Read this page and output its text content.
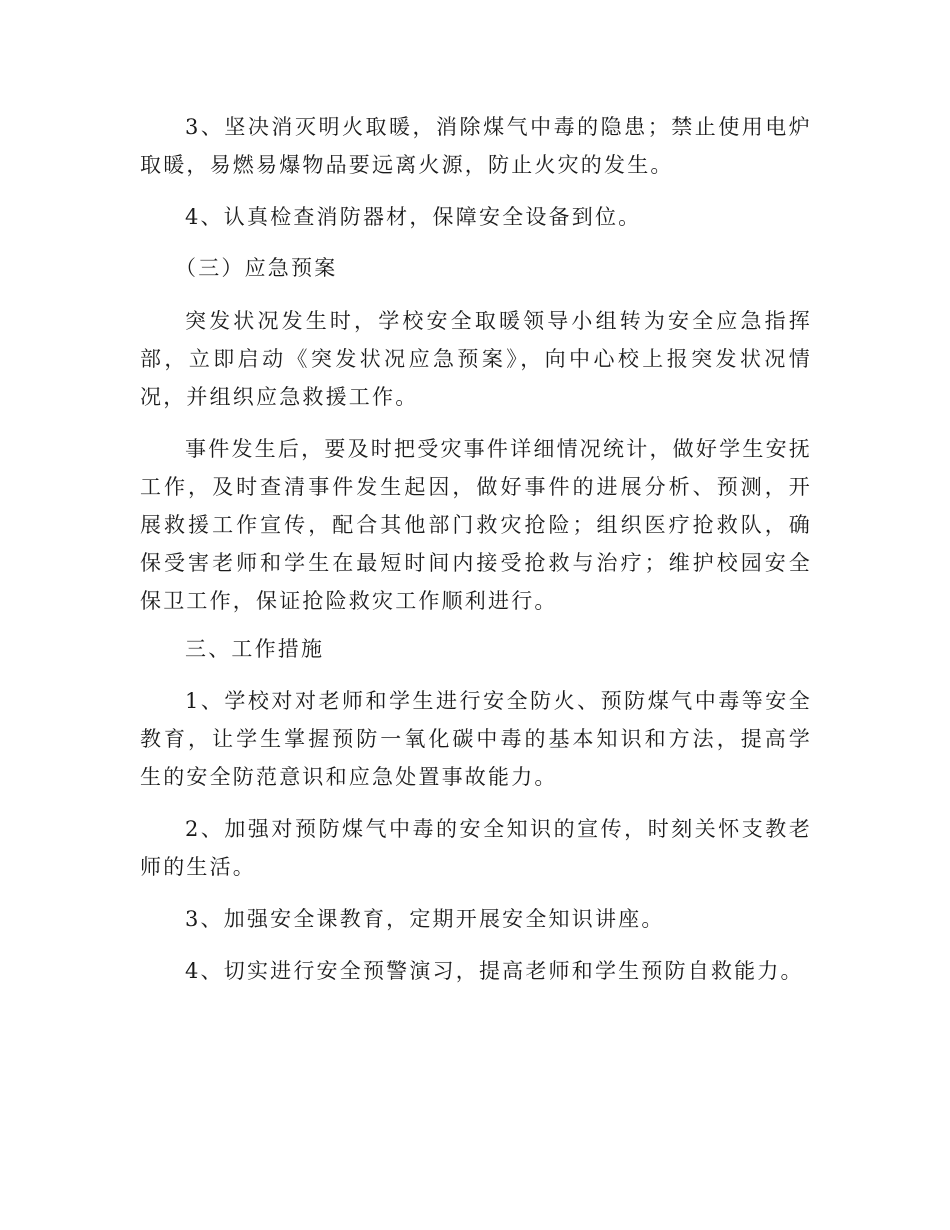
3、坚决消灭明火取暖，消除煤气中毒的隐患；禁止使用电炉取暖，易燃易爆物品要远离火源，防止火灾的发生。

4、认真检查消防器材，保障安全设备到位。

（三）应急预案

突发状况发生时，学校安全取暖领导小组转为安全应急指挥部，立即启动《突发状况应急预案》，向中心校上报突发状况情况，并组织应急救援工作。

事件发生后，要及时把受灾事件详细情况统计，做好学生安抚工作，及时查清事件发生起因，做好事件的进展分析、预测，开展救援工作宣传，配合其他部门救灾抢险；组织医疗抢救队，确保受害老师和学生在最短时间内接受抢救与治疗；维护校园安全保卫工作，保证抢险救灾工作顺利进行。

三、工作措施

1、学校对对老师和学生进行安全防火、预防煤气中毒等安全教育，让学生掌握预防一氧化碳中毒的基本知识和方法，提高学生的安全防范意识和应急处置事故能力。

2、加强对预防煤气中毒的安全知识的宣传，时刻关怀支教老师的生活。

3、加强安全课教育，定期开展安全知识讲座。

4、切实进行安全预警演习，提高老师和学生预防自救能力。
